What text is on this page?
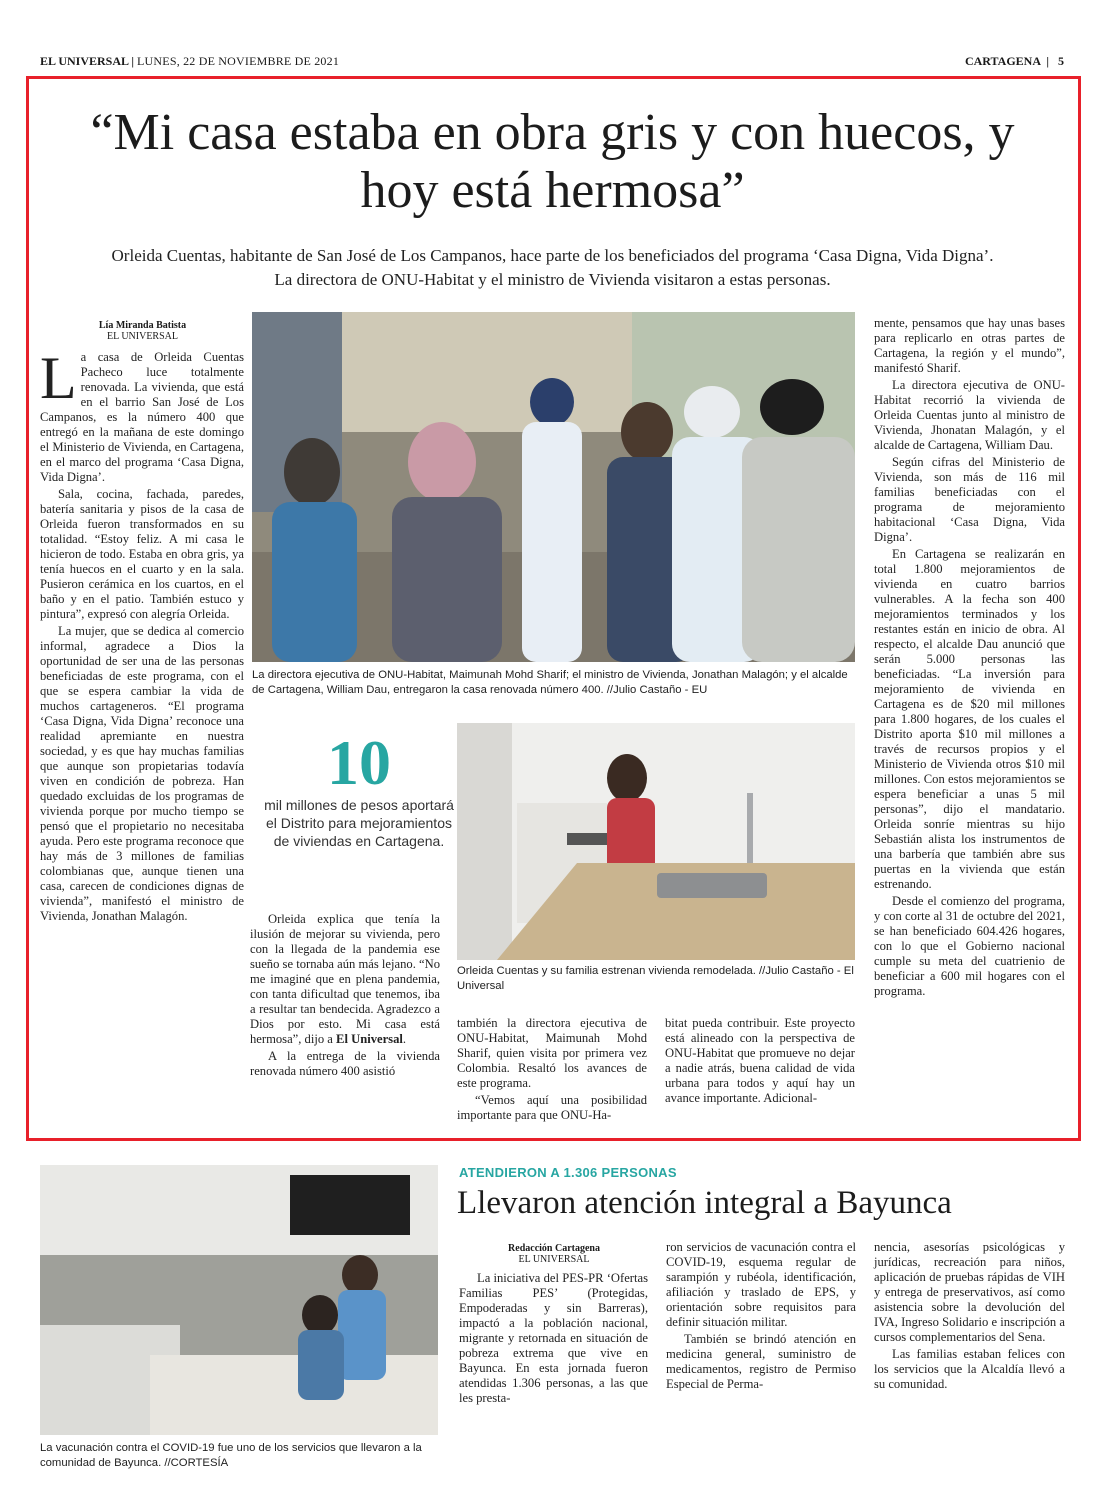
EL UNIVERSAL | LUNES, 22 DE NOVIEMBRE DE 2021	CARTAGENA  |   5
“Mi casa estaba en obra gris y con huecos, y hoy está hermosa”
Orleida Cuentas, habitante de San José de Los Campanos, hace parte de los beneficiados del programa ‘Casa Digna, Vida Digna’. La directora de ONU-Habitat y el ministro de Vivienda visitaron a estas personas.
Lía Miranda Batista
EL UNIVERSAL

La casa de Orleida Cuentas Pacheco luce totalmente renovada. La vivienda, que está en el barrio San José de Los Campanos, es la número 400 que entregó en la mañana de este domingo el Ministerio de Vivienda, en Cartagena, en el marco del programa ‘Casa Digna, Vida Digna’.

Sala, cocina, fachada, paredes, batería sanitaria y pisos de la casa de Orleida fueron transformados en su totalidad. “Estoy feliz. A mi casa le hicieron de todo. Estaba en obra gris, ya tenía huecos en el cuarto y en la sala. Pusieron cerámica en los cuartos, en el baño y en el patio. También estuco y pintura”, expresó con alegría Orleida.

La mujer, que se dedica al comercio informal, agradece a Dios la oportunidad de ser una de las personas beneficiadas de este programa, con el que se espera cambiar la vida de muchos cartageneros. “El programa ‘Casa Digna, Vida Digna’ reconoce una realidad apremiante en nuestra sociedad, y es que hay muchas familias que aunque son propietarias todavía viven en condición de pobreza. Han quedado excluidas de los programas de vivienda porque por mucho tiempo se pensó que el propietario no necesitaba ayuda. Pero este programa reconoce que hay más de 3 millones de familias colombianas que, aunque tienen una casa, carecen de condiciones dignas de vivienda”, manifestó el ministro de Vivienda, Jonathan Malagón.

La directora ejecutiva de ONU-Habitat, Maimunah Mohd Sharif; el ministro de Vivienda, Jonathan Malagón; y el alcalde de Cartagena, William Dau, entregaron la casa renovada número 400. //Julio Castaño - EU
10
mil millones de pesos aportará el Distrito para mejoramientos de viviendas en Cartagena.
Orleida Cuentas y su familia estrenan vivienda remodelada. //Julio Castaño - El Universal

Orleida explica que tenía la ilusión de mejorar su vivienda, pero con la llegada de la pandemia ese sueño se tornaba aún más lejano. “No me imaginé que en plena pandemia, con tanta dificultad que tenemos, iba a resultar tan bendecida. Agradezco a Dios por esto. Mi casa está hermosa”, dijo a El Universal.

A la entrega de la vivienda renovada número 400 asistió

también la directora ejecutiva de ONU-Habitat, Maimunah Mohd Sharif, quien visita por primera vez Colombia. Resaltó los avances de este programa.

“Vemos aquí una posibilidad importante para que ONU-Ha-

bitat pueda contribuir. Este proyecto está alineado con la perspectiva de ONU-Habitat que promueve no dejar a nadie atrás, buena calidad de vida urbana para todos y aquí hay un avance importante. Adicional-

mente, pensamos que hay unas bases para replicarlo en otras partes de Cartagena, la región y el mundo”, manifestó Sharif.

La directora ejecutiva de ONU-Habitat recorrió la vivienda de Orleida Cuentas junto al ministro de Vivienda, Jhonatan Malagón, y el alcalde de Cartagena, William Dau.

Según cifras del Ministerio de Vivienda, son más de 116 mil familias beneficiadas con el programa de mejoramiento habitacional ‘Casa Digna, Vida Digna’.

En Cartagena se realizarán en total 1.800 mejoramientos de vivienda en cuatro barrios vulnerables. A la fecha son 400 mejoramientos terminados y los restantes están en inicio de obra. Al respecto, el alcalde Dau anunció que serán 5.000 personas las beneficiadas. “La inversión para mejoramiento de vivienda en Cartagena es de $20 mil millones para 1.800 hogares, de los cuales el Distrito aporta $10 mil millones a través de recursos propios y el Ministerio de Vivienda otros $10 mil millones. Con estos mejoramientos se espera beneficiar a unas 5 mil personas”, dijo el mandatario. Orleida sonríe mientras su hijo Sebastián alista los instrumentos de una barbería que también abre sus puertas en la vivienda que están estrenando.

Desde el comienzo del programa, y con corte al 31 de octubre del 2021, se han beneficiado 604.426 hogares, con lo que el Gobierno nacional cumple su meta del cuatrienio de beneficiar a 600 mil hogares con el programa.

La vacunación contra el COVID-19 fue uno de los servicios que llevaron a la comunidad de Bayunca. //CORTESÍA
ATENDIERON A 1.306 PERSONAS
Llevaron atención integral a Bayunca
Redacción Cartagena
EL UNIVERSAL

La iniciativa del PES-PR ‘Ofertas Familias PES’ (Protegidas, Empoderadas y sin Barreras), impactó a la población nacional, migrante y retornada en situación de pobreza extrema que vive en Bayunca. En esta jornada fueron atendidas 1.306 personas, a las que les presta-

ron servicios de vacunación contra el COVID-19, esquema regular de sarampión y rubéola, identificación, afiliación y traslado de EPS, y orientación sobre requisitos para definir situación militar.

También se brindó atención en medicina general, suministro de medicamentos, registro de Permiso Especial de Perma-

nencia, asesorías psicológicas y jurídicas, recreación para niños, aplicación de pruebas rápidas de VIH y entrega de preservativos, así como asistencia sobre la devolución del IVA, Ingreso Solidario e inscripción a cursos complementarios del Sena.

Las familias estaban felices con los servicios que la Alcaldía llevó a su comunidad.
